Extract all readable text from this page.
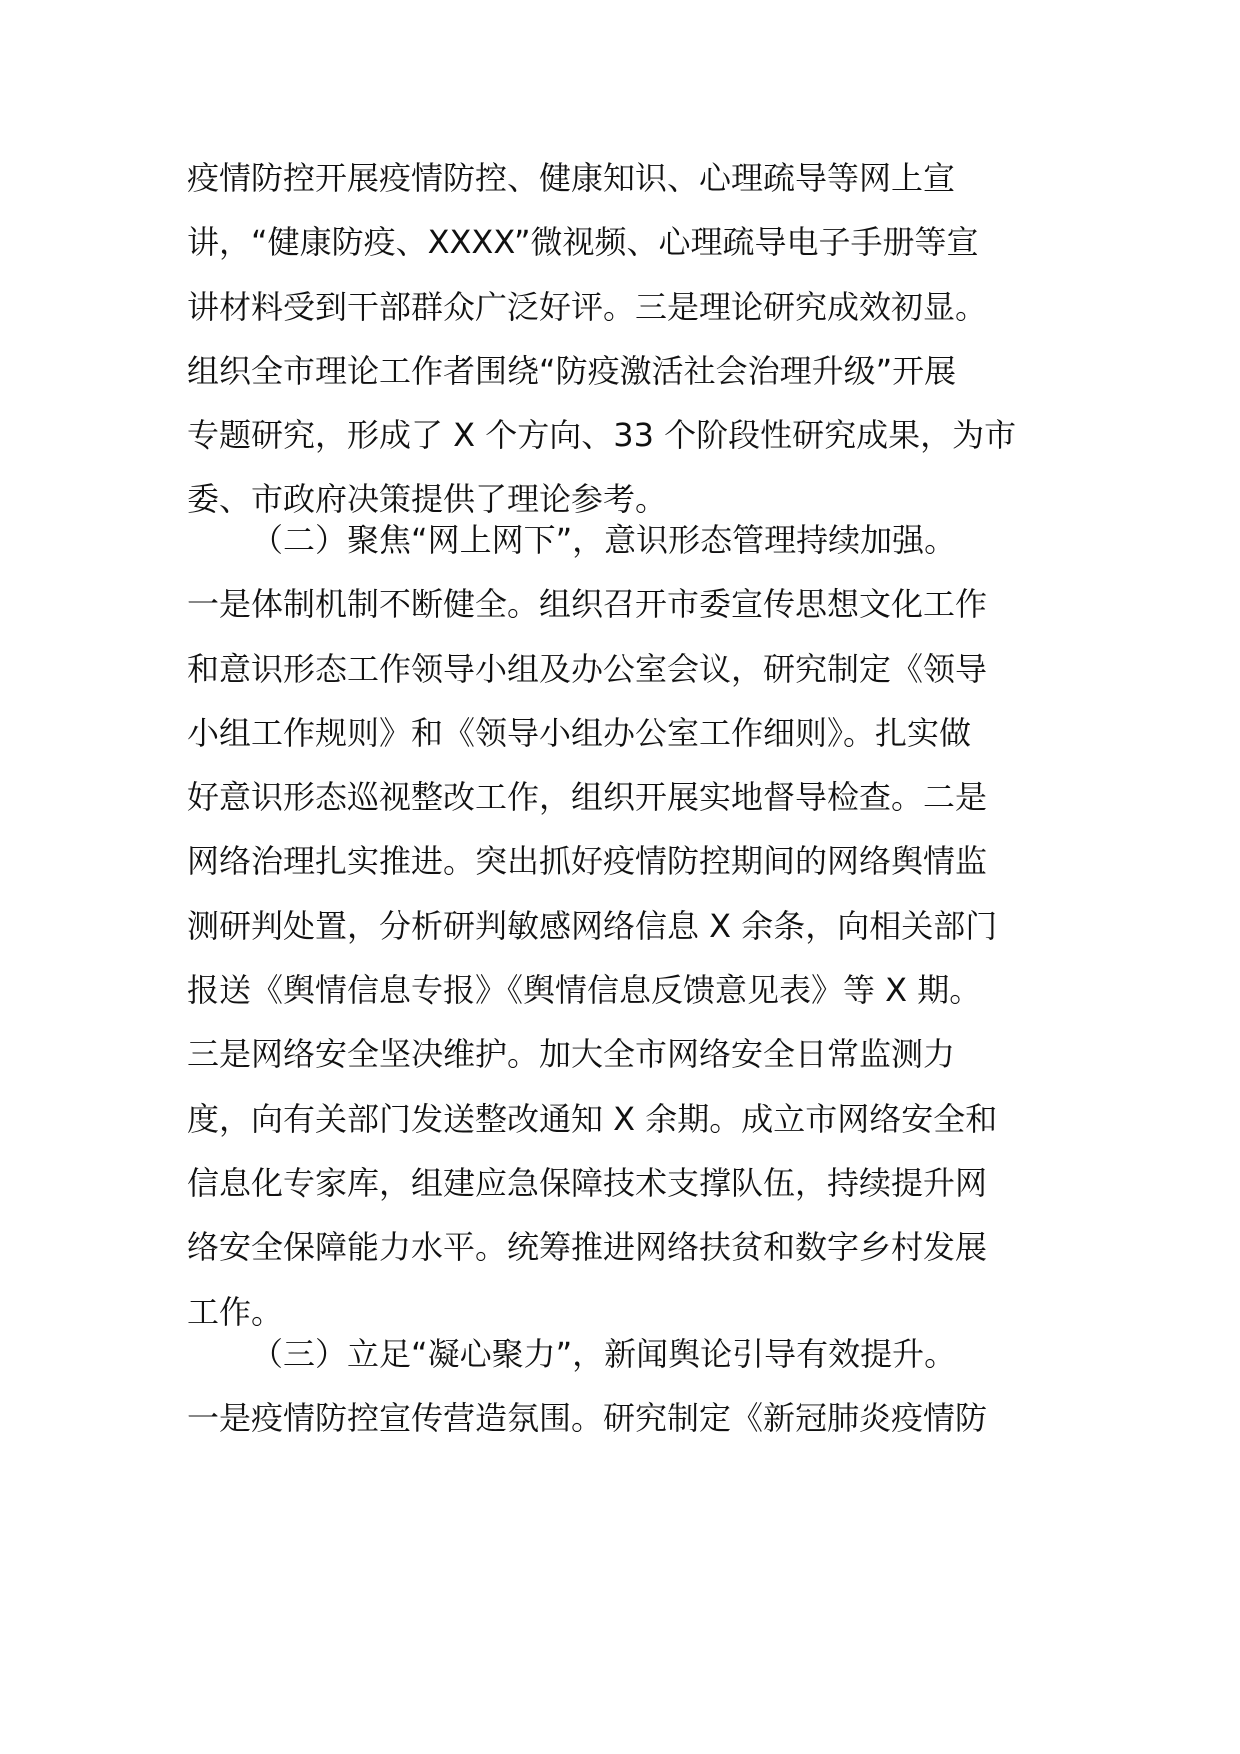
疫情防控开展疫情防控、健康知识、心理疏导等网上宣
讲，“健康防疫、XXXX”微视频、心理疏导电子手册等宣
讲材料受到干部群众广泛好评。三是理论研究成效初显。
组织全市理论工作者围绕“防疫激活社会治理升级”开展
专题研究，形成了 X 个方向、33 个阶段性研究成果，为市
委、市政府决策提供了理论参考。
（二）聚焦“网上网下”，意识形态管理持续加强。
一是体制机制不断健全。组织召开市委宣传思想文化工作
和意识形态工作领导小组及办公室会议，研究制定《领导
小组工作规则》和《领导小组办公室工作细则》。扎实做
好意识形态巡视整改工作，组织开展实地督导检查。二是
网络治理扎实推进。突出抓好疫情防控期间的网络舆情监
测研判处置，分析研判敏感网络信息 X 余条，向相关部门
报送《舆情信息专报》《舆情信息反馈意见表》等 X 期。
三是网络安全坚决维护。加大全市网络安全日常监测力
度，向有关部门发送整改通知 X 余期。成立市网络安全和
信息化专家库，组建应急保障技术支撑队伍，持续提升网
络安全保障能力水平。统筹推进网络扶贫和数字乡村发展
工作。
（三）立足“凝心聚力”，新闻舆论引导有效提升。
一是疫情防控宣传营造氛围。研究制定《新冠肺炎疫情防
